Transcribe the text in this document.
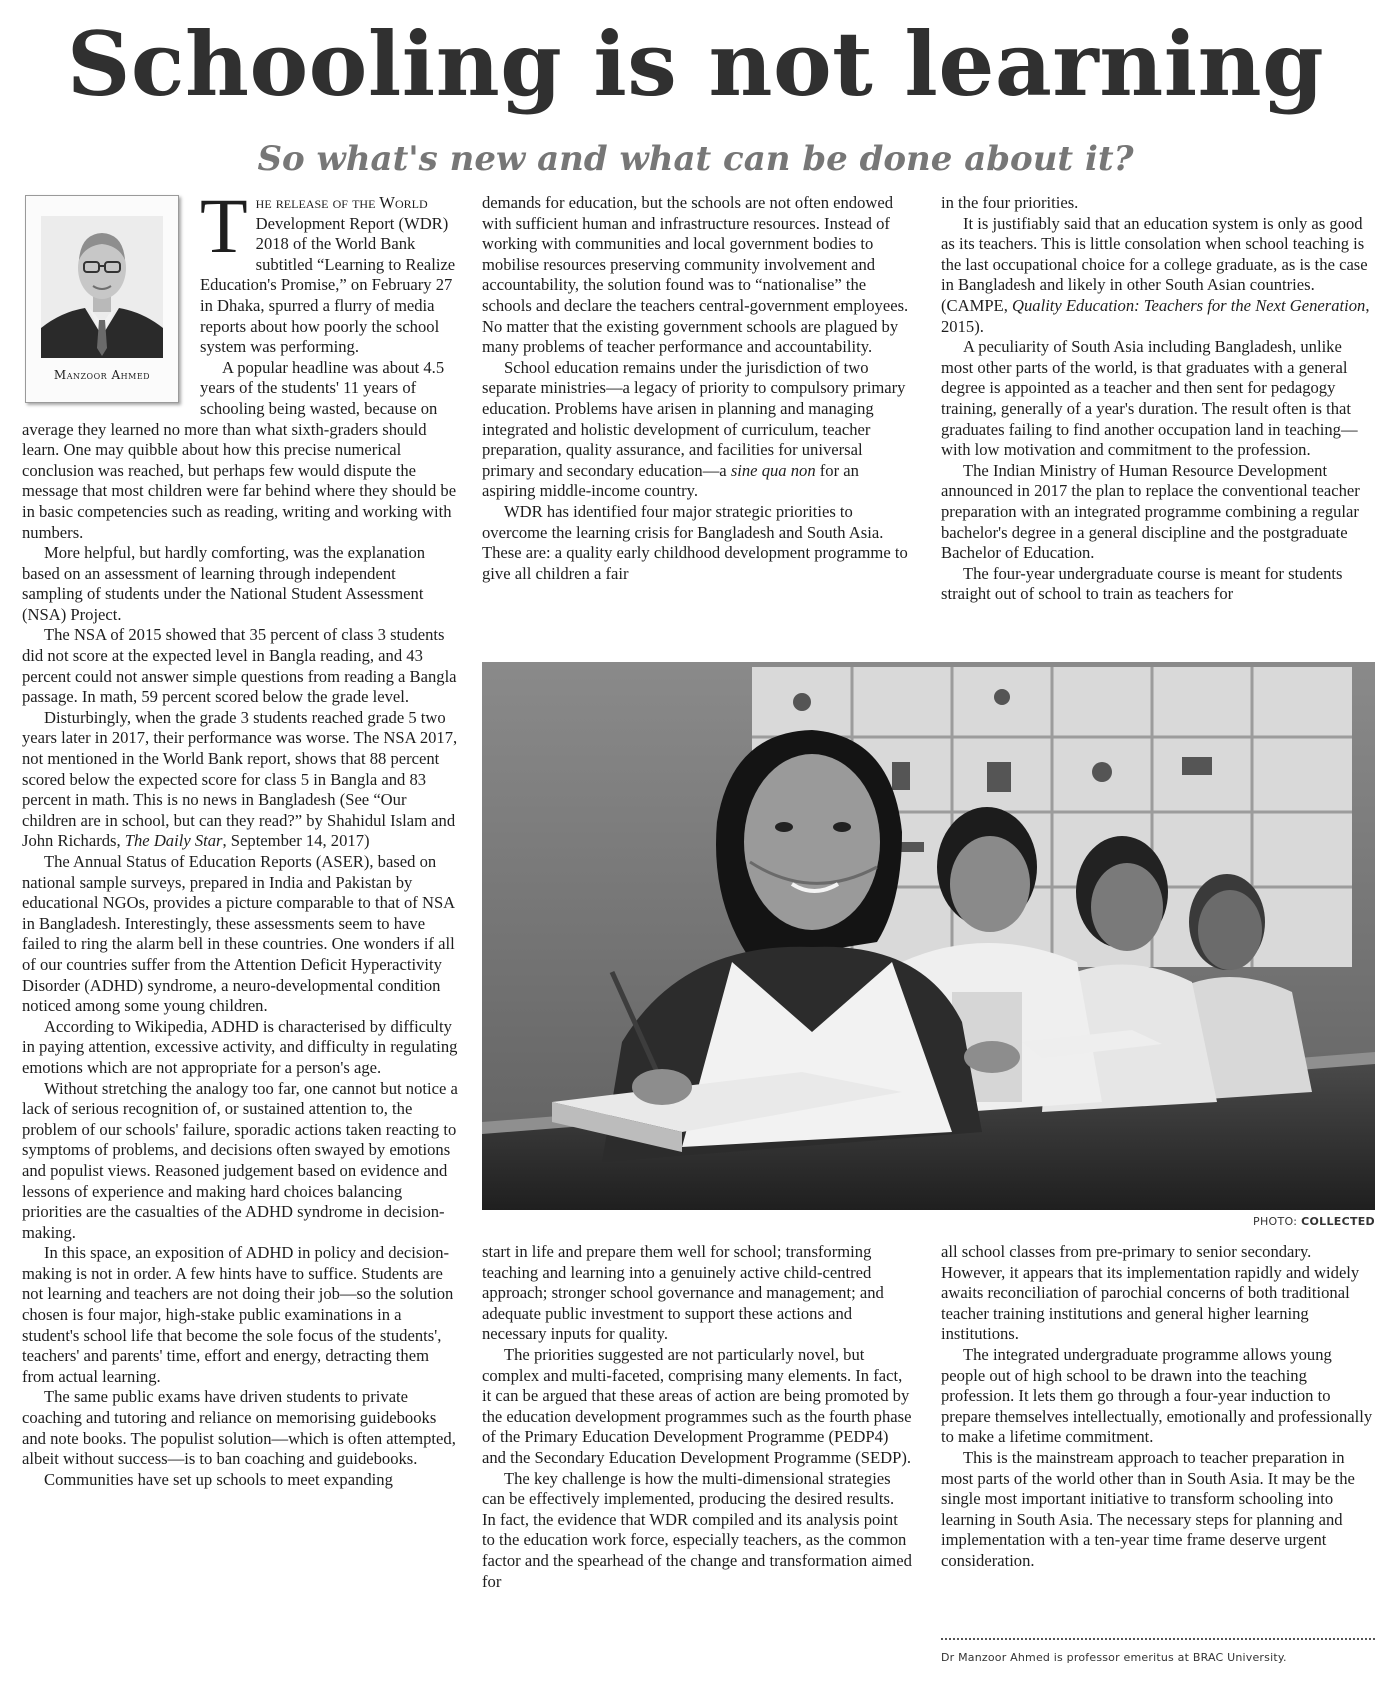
Schooling is not learning
So what's new and what can be done about it?

The release of the World Development Report (WDR) 2018 of the World Bank subtitled “Learning to Realize Education's Promise,” on February 27 in Dhaka, spurred a flurry of media reports about how poorly the school system was performing.

A popular headline was about 4.5 years of the students' 11 years of schooling being wasted, because on average they learned no more than what sixth-graders should learn. One may quibble about how this precise numerical conclusion was reached, but perhaps few would dispute the message that most children were far behind where they should be in basic competencies such as reading, writing and working with numbers.

More helpful, but hardly comforting, was the explanation based on an assessment of learning through independent sampling of students under the National Student Assessment (NSA) Project.

The NSA of 2015 showed that 35 percent of class 3 students did not score at the expected level in Bangla reading, and 43 percent could not answer simple questions from reading a Bangla passage. In math, 59 percent scored below the grade level.

Disturbingly, when the grade 3 students reached grade 5 two years later in 2017, their performance was worse. The NSA 2017, not mentioned in the World Bank report, shows that 88 percent scored below the expected score for class 5 in Bangla and 83 percent in math. This is no news in Bangladesh (See “Our children are in school, but can they read?” by Shahidul Islam and John Richards, The Daily Star, September 14, 2017)

The Annual Status of Education Reports (ASER), based on national sample surveys, prepared in India and Pakistan by educational NGOs, provides a picture comparable to that of NSA in Bangladesh. Interestingly, these assessments seem to have failed to ring the alarm bell in these countries. One wonders if all of our countries suffer from the Attention Deficit Hyperactivity Disorder (ADHD) syndrome, a neuro-developmental condition noticed among some young children.

According to Wikipedia, ADHD is characterised by difficulty in paying attention, excessive activity, and difficulty in regulating emotions which are not appropriate for a person's age.

Without stretching the analogy too far, one cannot but notice a lack of serious recognition of, or sustained attention to, the problem of our schools' failure, sporadic actions taken reacting to symptoms of problems, and decisions often swayed by emotions and populist views. Reasoned judgement based on evidence and lessons of experience and making hard choices balancing priorities are the casualties of the ADHD syndrome in decision-making.

In this space, an exposition of ADHD in policy and decision-making is not in order. A few hints have to suffice. Students are not learning and teachers are not doing their job—so the solution chosen is four major, high-stake public examinations in a student's school life that become the sole focus of the students', teachers' and parents' time, effort and energy, detracting them from actual learning.

The same public exams have driven students to private coaching and tutoring and reliance on memorising guidebooks and note books. The populist solution—which is often attempted, albeit without success—is to ban coaching and guidebooks.

Communities have set up schools to meet expanding

Manzoor Ahmed

demands for education, but the schools are not often endowed with sufficient human and infrastructure resources. Instead of working with communities and local government bodies to mobilise resources preserving community involvement and accountability, the solution found was to “nationalise” the schools and declare the teachers central-government employees. No matter that the existing government schools are plagued by many problems of teacher performance and accountability.

School education remains under the jurisdiction of two separate ministries—a legacy of priority to compulsory primary education. Problems have arisen in planning and managing integrated and holistic development of curriculum, teacher preparation, quality assurance, and facilities for universal primary and secondary education—a sine qua non for an aspiring middle-income country.

WDR has identified four major strategic priorities to overcome the learning crisis for Bangladesh and South Asia. These are: a quality early childhood development programme to give all children a fair

in the four priorities.

It is justifiably said that an education system is only as good as its teachers. This is little consolation when school teaching is the last occupational choice for a college graduate, as is the case in Bangladesh and likely in other South Asian countries. (CAMPE, Quality Education: Teachers for the Next Generation, 2015).

A peculiarity of South Asia including Bangladesh, unlike most other parts of the world, is that graduates with a general degree is appointed as a teacher and then sent for pedagogy training, generally of a year's duration. The result often is that graduates failing to find another occupation land in teaching—with low motivation and commitment to the profession.

The Indian Ministry of Human Resource Development announced in 2017 the plan to replace the conventional teacher preparation with an integrated programme combining a regular bachelor's degree in a general discipline and the postgraduate Bachelor of Education.

The four-year undergraduate course is meant for students straight out of school to train as teachers for

PHOTO: COLLECTED

start in life and prepare them well for school; transforming teaching and learning into a genuinely active child-centred approach; stronger school governance and management; and adequate public investment to support these actions and necessary inputs for quality.

The priorities suggested are not particularly novel, but complex and multi-faceted, comprising many elements. In fact, it can be argued that these areas of action are being promoted by the education development programmes such as the fourth phase of the Primary Education Development Programme (PEDP4) and the Secondary Education Development Programme (SEDP).

The key challenge is how the multi-dimensional strategies can be effectively implemented, producing the desired results. In fact, the evidence that WDR compiled and its analysis point to the education work force, especially teachers, as the common factor and the spearhead of the change and transformation aimed for

all school classes from pre-primary to senior secondary. However, it appears that its implementation rapidly and widely awaits reconciliation of parochial concerns of both traditional teacher training institutions and general higher learning institutions.

The integrated undergraduate programme allows young people out of high school to be drawn into the teaching profession. It lets them go through a four-year induction to prepare themselves intellectually, emotionally and professionally to make a lifetime commitment.

This is the mainstream approach to teacher preparation in most parts of the world other than in South Asia. It may be the single most important initiative to transform schooling into learning in South Asia. The necessary steps for planning and implementation with a ten-year time frame deserve urgent consideration.

Dr Manzoor Ahmed is professor emeritus at BRAC University.
